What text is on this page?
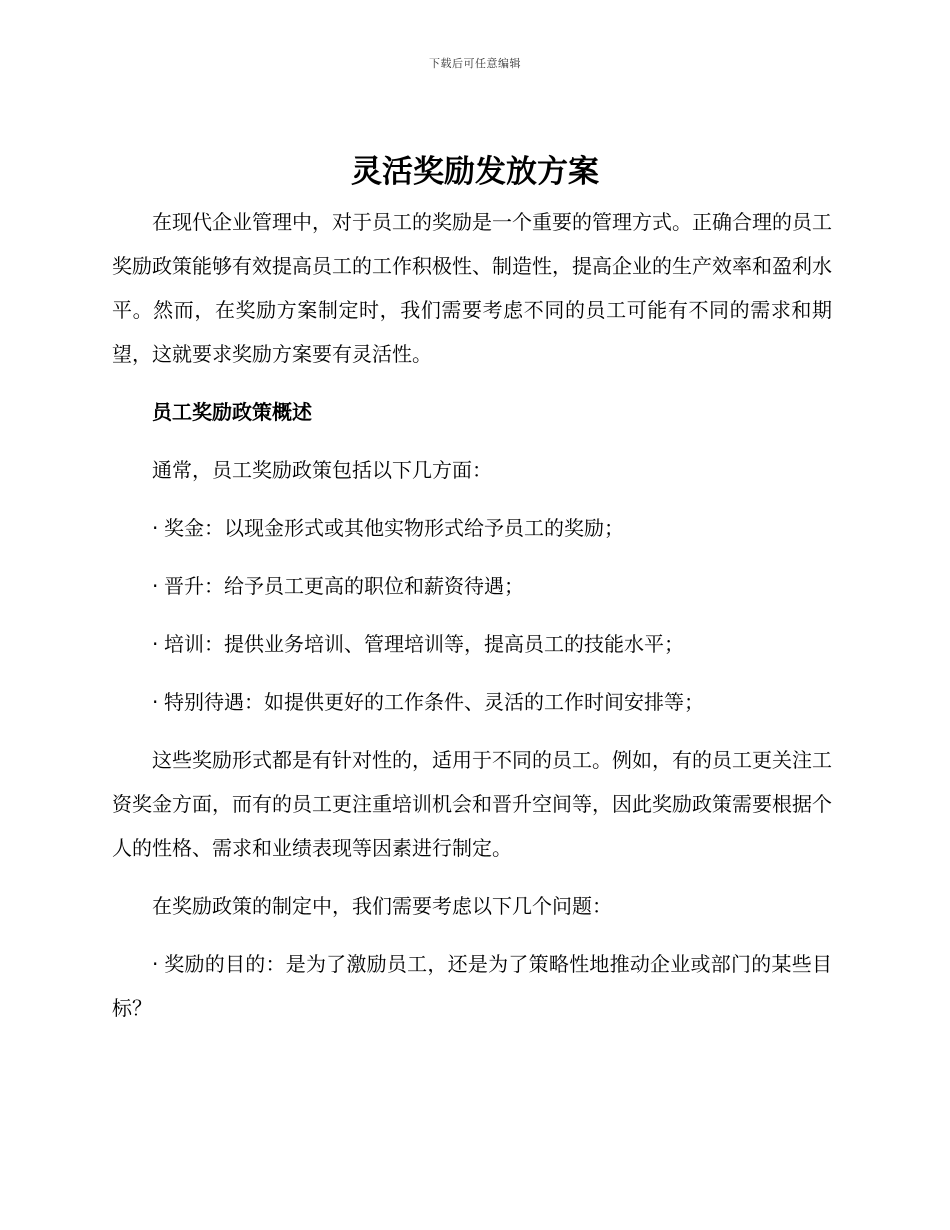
下载后可任意编辑
灵活奖励发放方案

在现代企业管理中，对于员工的奖励是一个重要的管理方式。正确合理的员工奖励政策能够有效提高员工的工作积极性、制造性，提高企业的生产效率和盈利水平。然而，在奖励方案制定时，我们需要考虑不同的员工可能有不同的需求和期望，这就要求奖励方案要有灵活性。

员工奖励政策概述

通常，员工奖励政策包括以下几方面：

· 奖金：以现金形式或其他实物形式给予员工的奖励；

· 晋升：给予员工更高的职位和薪资待遇；

· 培训：提供业务培训、管理培训等，提高员工的技能水平；

· 特别待遇：如提供更好的工作条件、灵活的工作时间安排等；

这些奖励形式都是有针对性的，适用于不同的员工。例如，有的员工更关注工资奖金方面，而有的员工更注重培训机会和晋升空间等，因此奖励政策需要根据个人的性格、需求和业绩表现等因素进行制定。

在奖励政策的制定中，我们需要考虑以下几个问题：

· 奖励的目的：是为了激励员工，还是为了策略性地推动企业或部门的某些目标？
